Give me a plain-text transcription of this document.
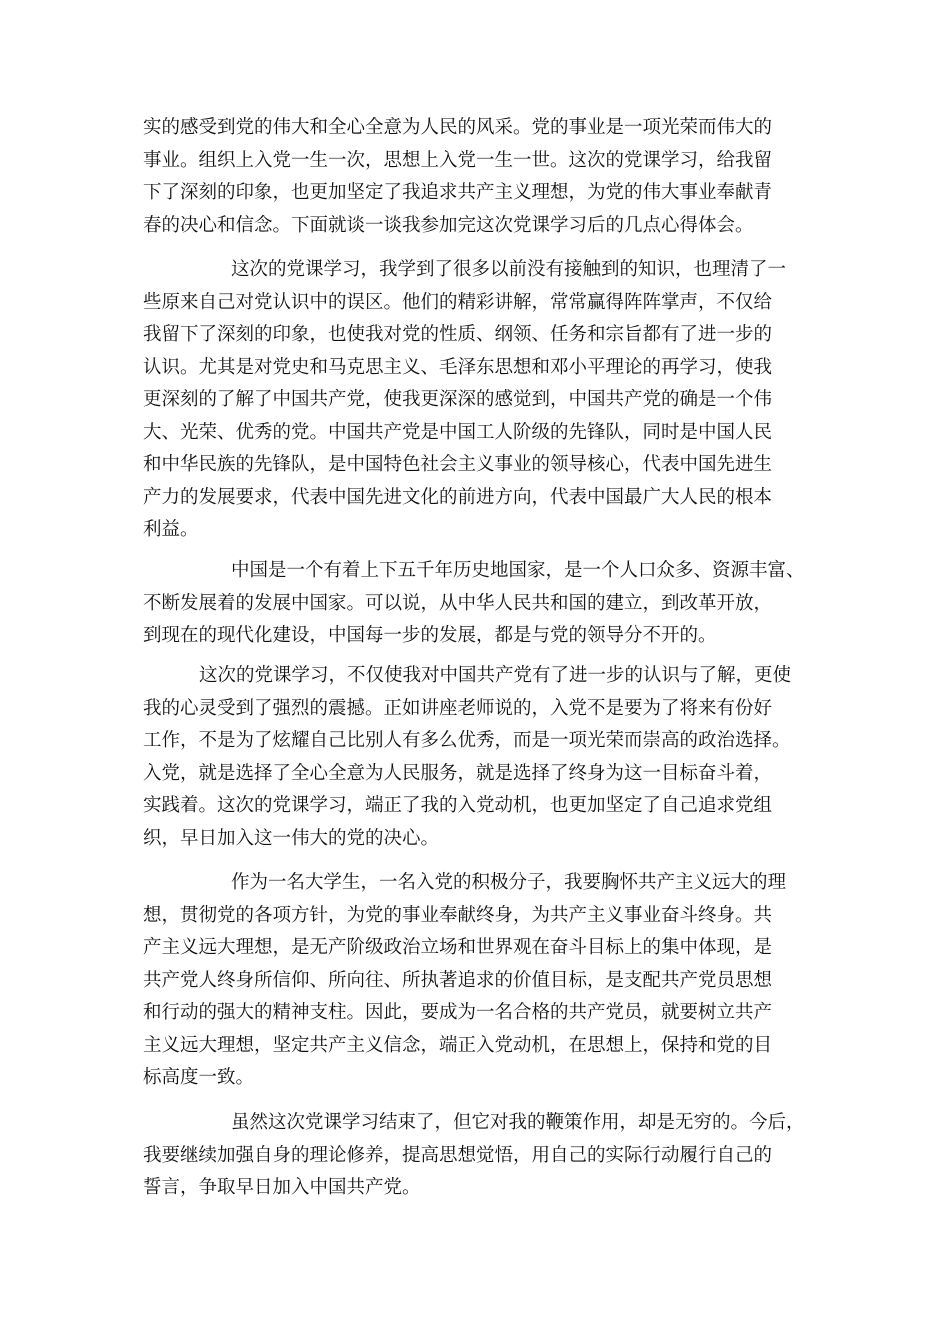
实的感受到党的伟大和全心全意为人民的风采。党的事业是一项光荣而伟大的
事业。组织上入党一生一次，思想上入党一生一世。这次的党课学习，给我留
下了深刻的印象，也更加坚定了我追求共产主义理想，为党的伟大事业奉献青
春的决心和信念。下面就谈一谈我参加完这次党课学习后的几点心得体会。

这次的党课学习，我学到了很多以前没有接触到的知识，也理清了一
些原来自己对党认识中的误区。他们的精彩讲解，常常赢得阵阵掌声，不仅给
我留下了深刻的印象，也使我对党的性质、纲领、任务和宗旨都有了进一步的
认识。尤其是对党史和马克思主义、毛泽东思想和邓小平理论的再学习，使我
更深刻的了解了中国共产党，使我更深深的感觉到，中国共产党的确是一个伟
大、光荣、优秀的党。中国共产党是中国工人阶级的先锋队，同时是中国人民
和中华民族的先锋队，是中国特色社会主义事业的领导核心，代表中国先进生
产力的发展要求，代表中国先进文化的前进方向，代表中国最广大人民的根本
利益。

中国是一个有着上下五千年历史地国家，是一个人口众多、资源丰富、
不断发展着的发展中国家。可以说，从中华人民共和国的建立，到改革开放，
到现在的现代化建设，中国每一步的发展，都是与党的领导分不开的。

这次的党课学习，不仅使我对中国共产党有了进一步的认识与了解，更使
我的心灵受到了强烈的震撼。正如讲座老师说的，入党不是要为了将来有份好
工作，不是为了炫耀自己比别人有多么优秀，而是一项光荣而崇高的政治选择。
入党，就是选择了全心全意为人民服务，就是选择了终身为这一目标奋斗着，
实践着。这次的党课学习，端正了我的入党动机，也更加坚定了自己追求党组
织，早日加入这一伟大的党的决心。

作为一名大学生，一名入党的积极分子，我要胸怀共产主义远大的理
想，贯彻党的各项方针，为党的事业奉献终身，为共产主义事业奋斗终身。共
产主义远大理想，是无产阶级政治立场和世界观在奋斗目标上的集中体现，是
共产党人终身所信仰、所向往、所执著追求的价值目标，是支配共产党员思想
和行动的强大的精神支柱。因此，要成为一名合格的共产党员，就要树立共产
主义远大理想，坚定共产主义信念，端正入党动机，在思想上，保持和党的目
标高度一致。

虽然这次党课学习结束了，但它对我的鞭策作用，却是无穷的。今后，
我要继续加强自身的理论修养，提高思想觉悟，用自己的实际行动履行自己的
誓言，争取早日加入中国共产党。
